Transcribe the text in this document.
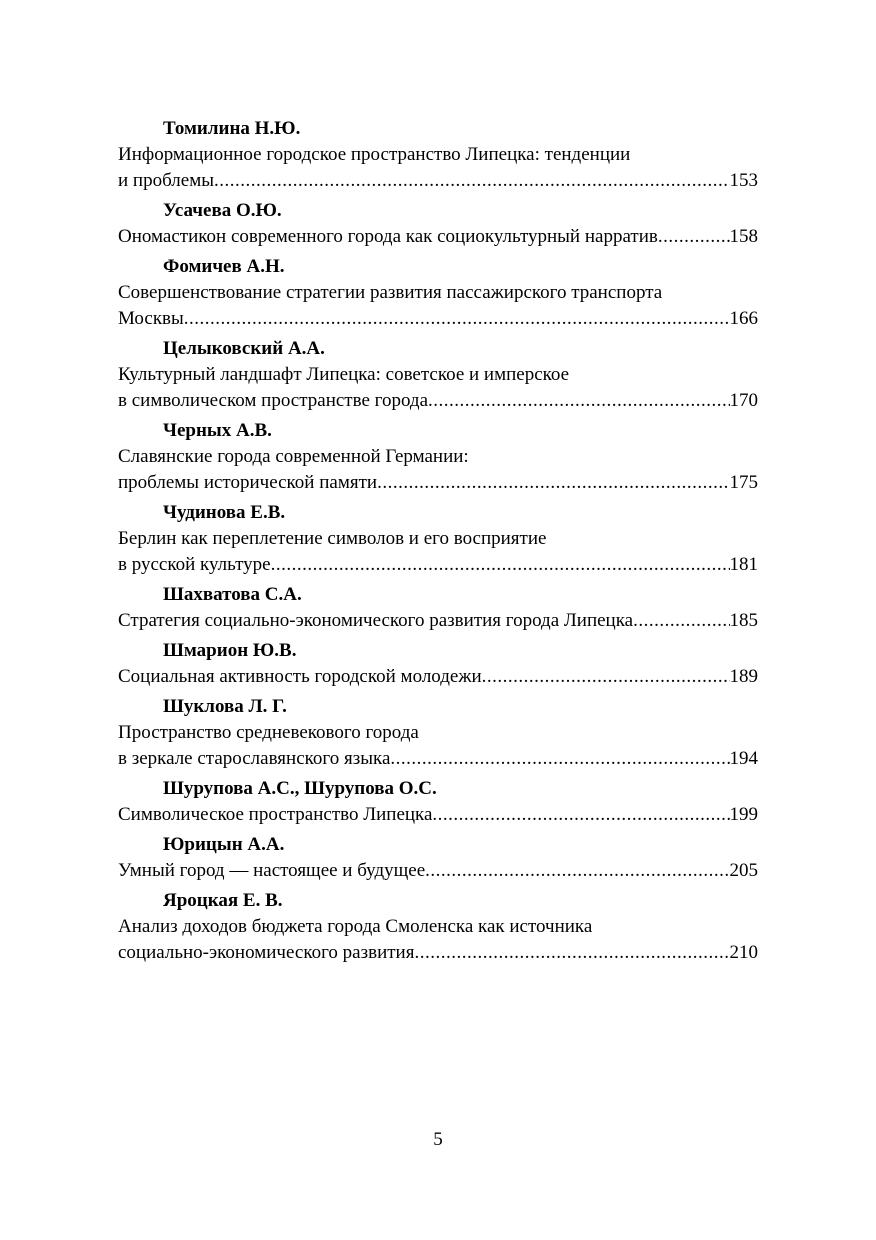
Томилина Н.Ю.
Информационное городское пространство Липецка: тенденции
и проблемы .....	153
Усачева О.Ю.
Ономастикон современного города как социокультурный нарратив .....	158
Фомичев А.Н.
Совершенствование стратегии развития пассажирского транспорта
Москвы .....	166
Целыковский А.А.
Культурный ландшафт Липецка: советское и имперское
в символическом пространстве города .....	170
Черных А.В.
Славянские города современной Германии:
проблемы исторической памяти .....	175
Чудинова Е.В.
Берлин как переплетение символов и его восприятие
в русской культуре .....	181
Шахватова С.А.
Стратегия социально-экономического развития города Липецка .....	185
Шмарион Ю.В.
Социальная активность городской молодежи .....	189
Шуклова Л. Г.
Пространство средневекового города
в зеркале старославянского языка .....	194
Шурупова А.С., Шурупова О.С.
Символическое пространство Липецка .....	199
Юрицын А.А.
Умный город — настоящее и будущее .....	205
Яроцкая Е. В.
Анализ доходов бюджета города Смоленска как источника
социально-экономического развития .....	210
5
